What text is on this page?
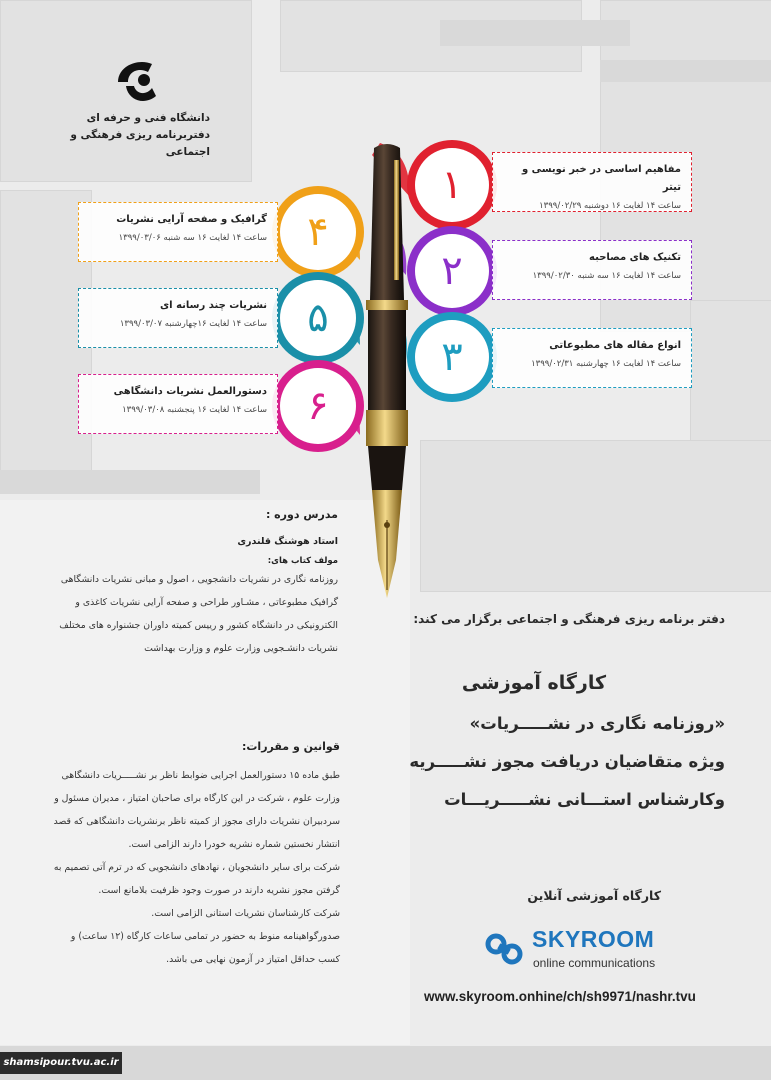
دانشگاه فنی و حرفه ای
دفتربرنامه ریزی فرهنگی و اجتماعی
۱
۲
۳
۴
۵
۶
مفاهیم اساسی در خبر نویسی و تیتر
ساعت ۱۴ لغایت ۱۶ دوشنبه ۱۳۹۹/۰۲/۲۹
تکنیک های مصاحبه
ساعت ۱۴ لغایت ۱۶ سه شنبه ۱۳۹۹/۰۲/۳۰
انواع مقاله های مطبوعاتی
ساعت ۱۴ لغایت ۱۶ چهارشنبه ۱۳۹۹/۰۲/۳۱
گرافیک و صفحه آرایی نشریات
ساعت ۱۴ لغایت ۱۶ سه شنبه ۱۳۹۹/۰۳/۰۶
نشریات چند رسانه ای
ساعت ۱۴ لغایت ۱۶چهارشنبه ۱۳۹۹/۰۳/۰۷
دستورالعمل نشریات دانشگاهی
ساعت ۱۴ لغایت ۱۶ پنجشنبه ۱۳۹۹/۰۳/۰۸
مدرس دوره :
استاد هوشنگ قلندری
مولف کتاب های:
روزنامه نگاری در نشریات دانشجویی ، اصول و مبانی نشریات دانشگاهی گرافیک مطبوعاتی ، مشـاور طراحی و صفحه آرایی نشریات کاغذی و الکترونیکی در دانشگاه کشور و رییس کمیته داوران جشنواره های مختلف نشریات دانشـجویی وزارت علوم و وزارت بهداشت
قوانین و مقررات:
طبق ماده ۱۵ دستورالعمل اجرایی ضوابط ناظر بر نشـــــریات دانشگاهی وزارت علوم ، شرکت در این کارگاه برای صاحبان امتیاز ، مدیران مسئول و سردبیران نشریات دارای مجوز از کمیته ناظر برنشریات دانشگاهی که قصد انتشار نخستین شماره نشریه خودرا دارند الزامی است.
شرکت برای سایر دانشجویان ، نهادهای دانشجویی که در ترم آتی تصمیم به گرفتن مجوز نشریه دارند در صورت وجود ظرفیت بلامانع است.
شرکت کارشناسان نشریات استانی الزامی است.
صدورگواهینامه منوط به حضور در تمامی ساعات کارگاه (۱۲ ساعت) و کسب حداقل امتیاز در آزمون نهایی می باشد.
دفتر برنامه ریزی فرهنگی و اجتماعی برگزار می کند:
کارگاه آموزشی
«روزنامه نگاری در نشـــــریات»
ویژه متقاضیان دریافت مجوز نشـــــریه
وکارشناس استـــانی نشـــــریـــات
کارگاه آموزشی آنلاین
SKYROOM
online communications
www.skyroom.onhine/ch/sh9971/nashr.tvu
shamsipour.tvu.ac.ir
